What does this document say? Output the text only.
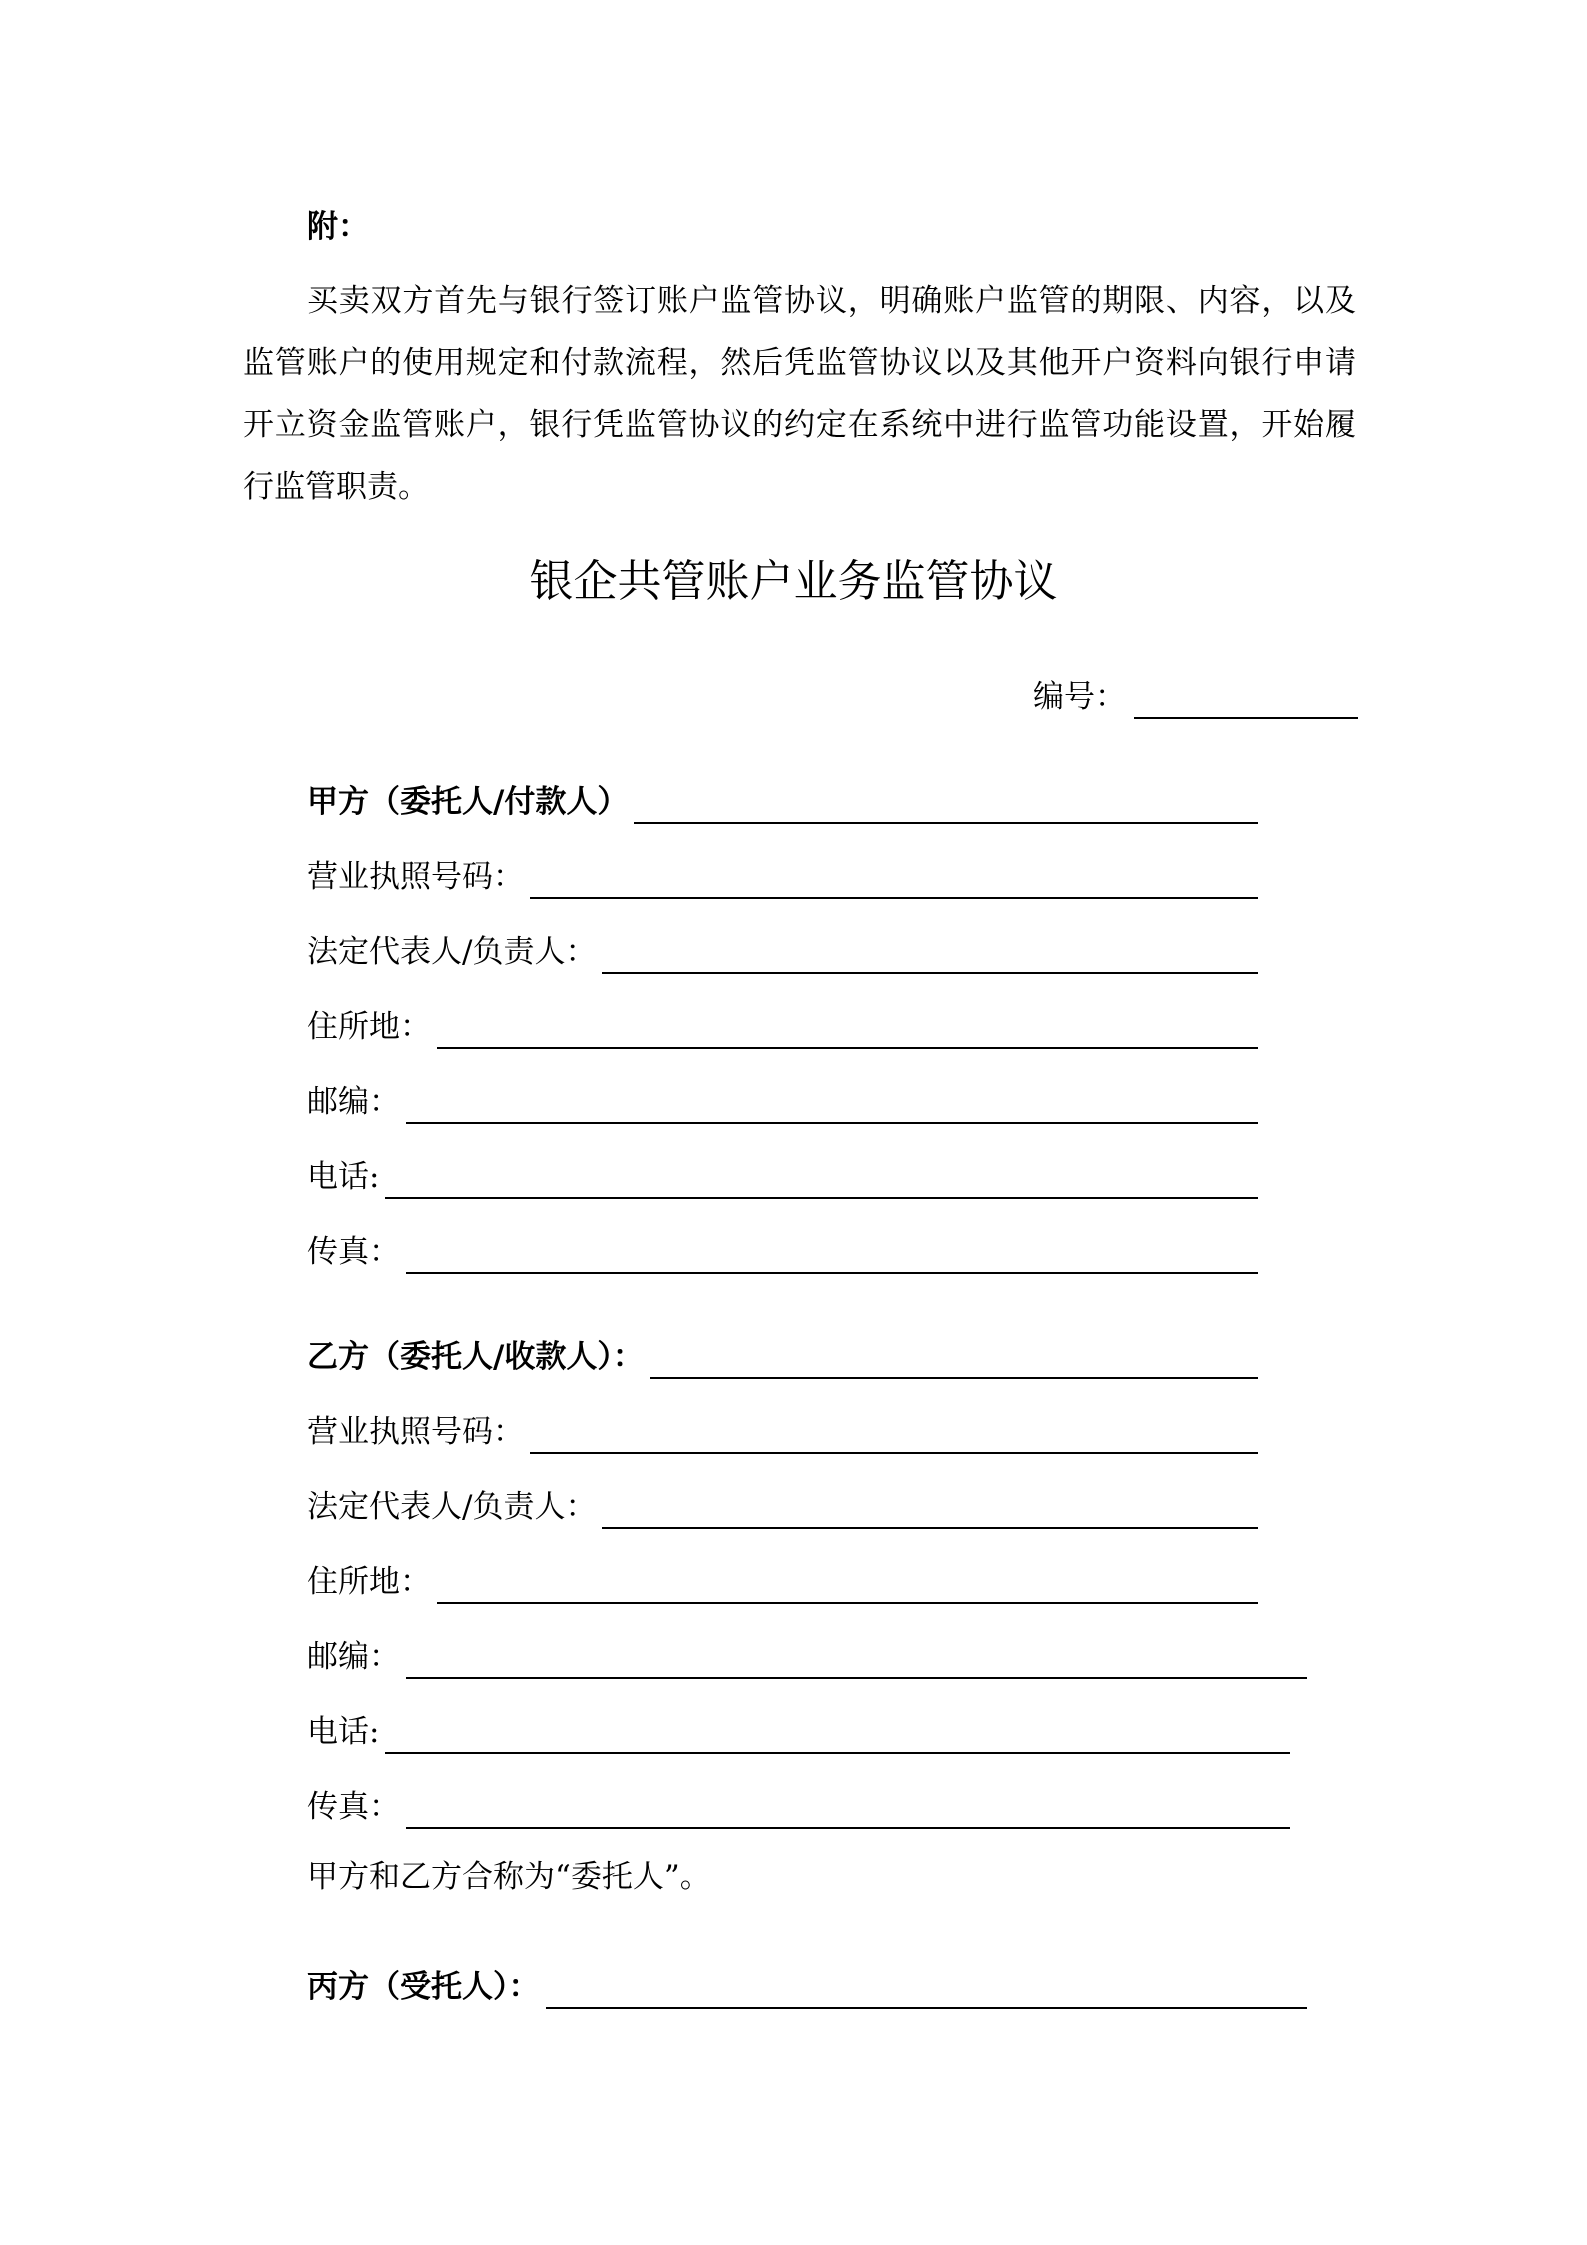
附：

买卖双方首先与银行签订账户监管协议，明确账户监管的期限、内容，以及监管账户的使用规定和付款流程，然后凭监管协议以及其他开户资料向银行申请开立资金监管账户，银行凭监管协议的约定在系统中进行监管功能设置，开始履行监管职责。

银企共管账户业务监管协议
编号：
甲方（委托人/付款人）
营业执照号码：
法定代表人/负责人：
住所地：
邮编：
电话:
传真：
乙方（委托人/收款人）：
营业执照号码：
法定代表人/负责人：
住所地：
邮编：
电话:
传真：
甲方和乙方合称为“委托人”。
丙方（受托人）：
